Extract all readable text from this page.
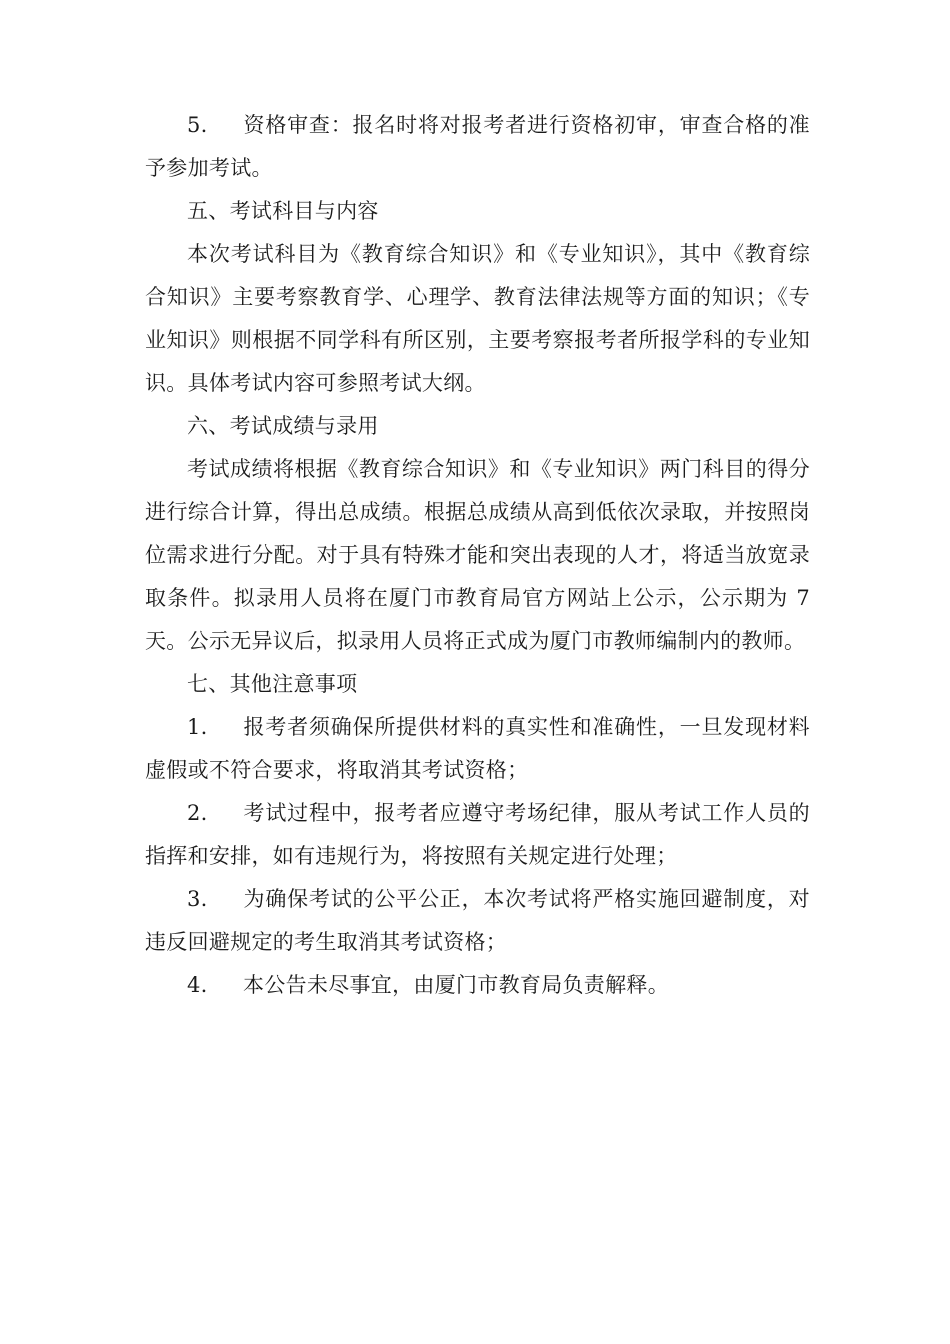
5. 资格审查：报名时将对报考者进行资格初审，审查合格的准予参加考试。

五、考试科目与内容

本次考试科目为《教育综合知识》和《专业知识》，其中《教育综合知识》主要考察教育学、心理学、教育法律法规等方面的知识；《专业知识》则根据不同学科有所区别，主要考察报考者所报学科的专业知识。具体考试内容可参照考试大纲。

六、考试成绩与录用

考试成绩将根据《教育综合知识》和《专业知识》两门科目的得分进行综合计算，得出总成绩。根据总成绩从高到低依次录取，并按照岗位需求进行分配。对于具有特殊才能和突出表现的人才，将适当放宽录取条件。拟录用人员将在厦门市教育局官方网站上公示，公示期为 7 天。公示无异议后，拟录用人员将正式成为厦门市教师编制内的教师。

七、其他注意事项

1. 报考者须确保所提供材料的真实性和准确性，一旦发现材料虚假或不符合要求，将取消其考试资格；

2. 考试过程中，报考者应遵守考场纪律，服从考试工作人员的指挥和安排，如有违规行为，将按照有关规定进行处理；

3. 为确保考试的公平公正，本次考试将严格实施回避制度，对违反回避规定的考生取消其考试资格；

4. 本公告未尽事宜，由厦门市教育局负责解释。
